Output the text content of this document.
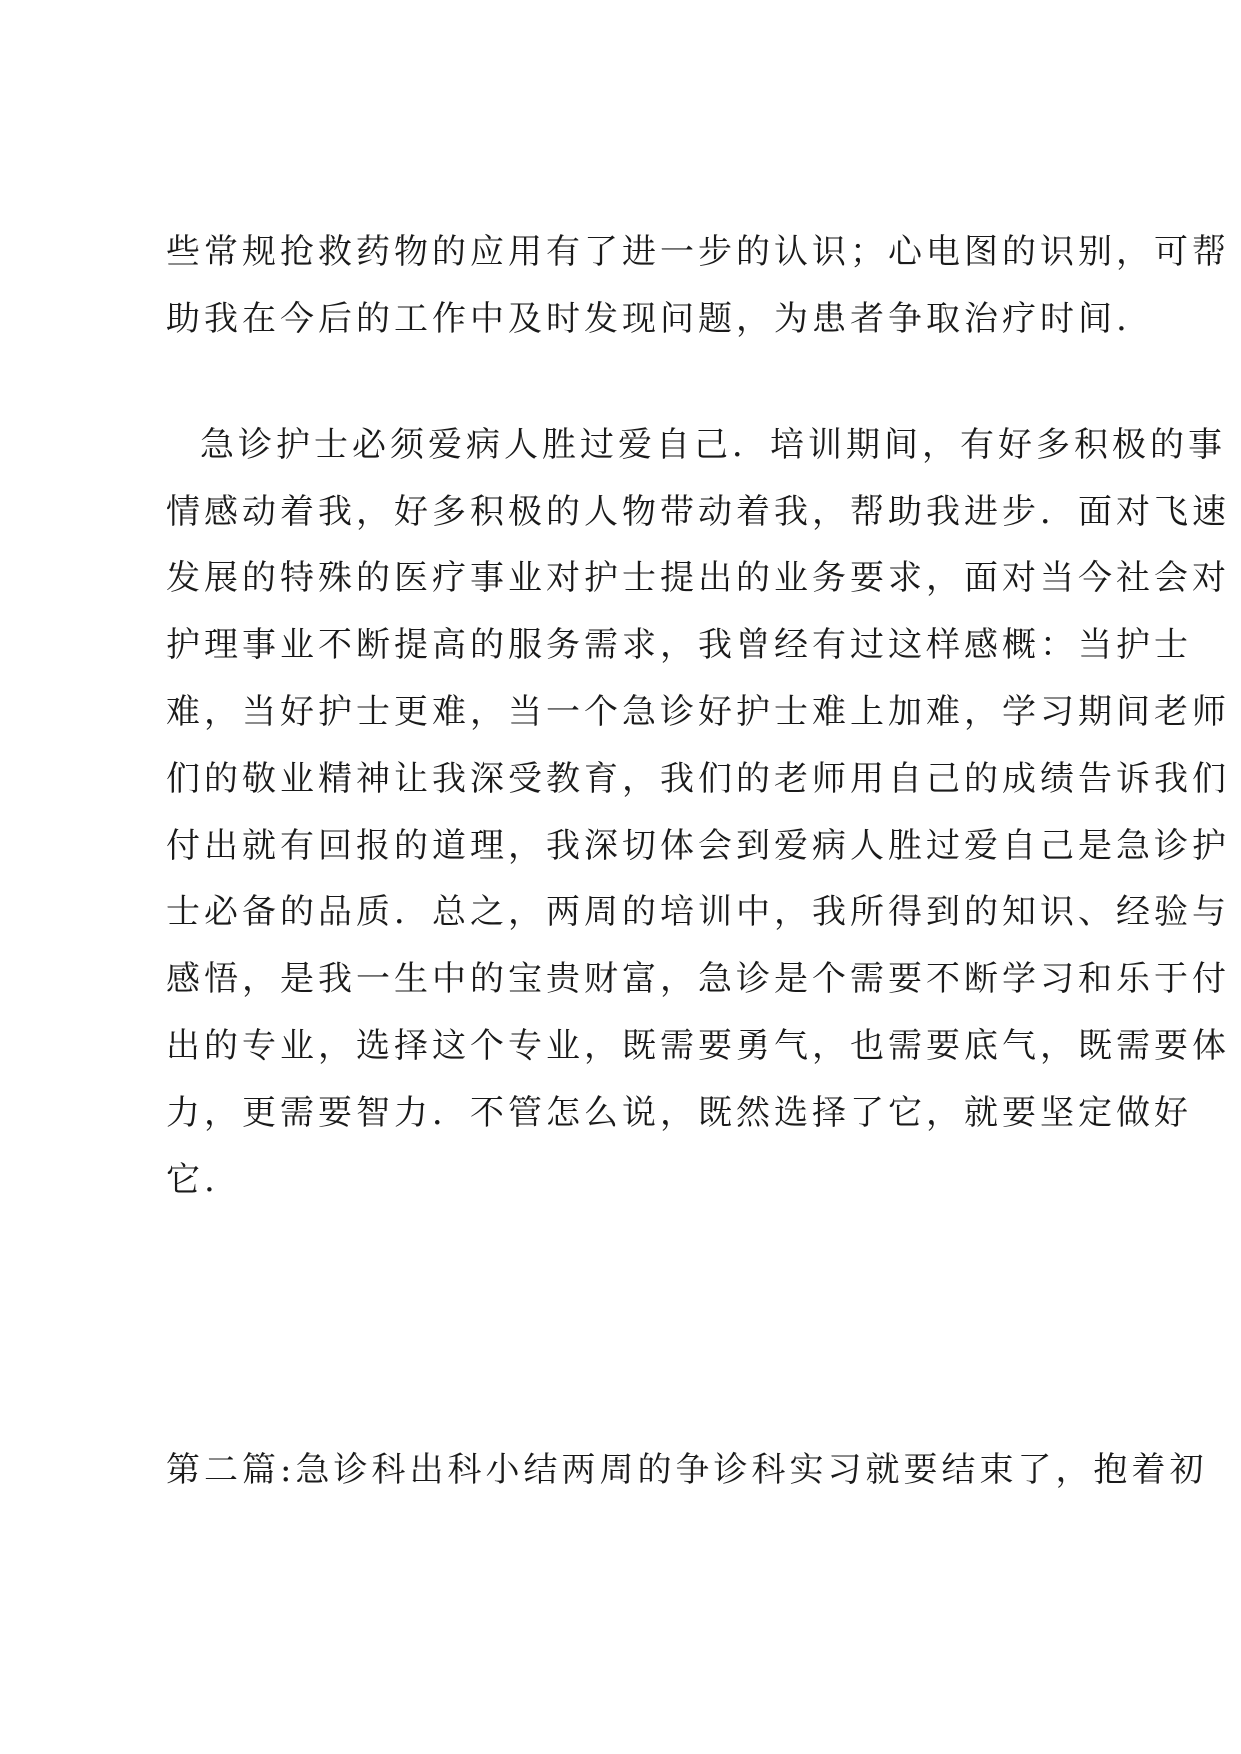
些常规抢救药物的应用有了进一步的认识；心电图的识别，可帮
助我在今后的工作中及时发现问题，为患者争取治疗时间.
急诊护士必须爱病人胜过爱自己．培训期间，有好多积极的事
情感动着我，好多积极的人物带动着我，帮助我进步．面对飞速
发展的特殊的医疗事业对护士提出的业务要求，面对当今社会对
护理事业不断提高的服务需求，我曾经有过这样感概：当护士
难，当好护士更难，当一个急诊好护士难上加难，学习期间老师
们的敬业精神让我深受教育，我们的老师用自己的成绩告诉我们
付出就有回报的道理，我深切体会到爱病人胜过爱自己是急诊护
士必备的品质．总之，两周的培训中，我所得到的知识、经验与
感悟，是我一生中的宝贵财富，急诊是个需要不断学习和乐于付
出的专业，选择这个专业，既需要勇气，也需要底气，既需要体
力，更需要智力．不管怎么说，既然选择了它，就要坚定做好
它.
第二篇:急诊科出科小结两周的争诊科实习就要结束了，抱着初
